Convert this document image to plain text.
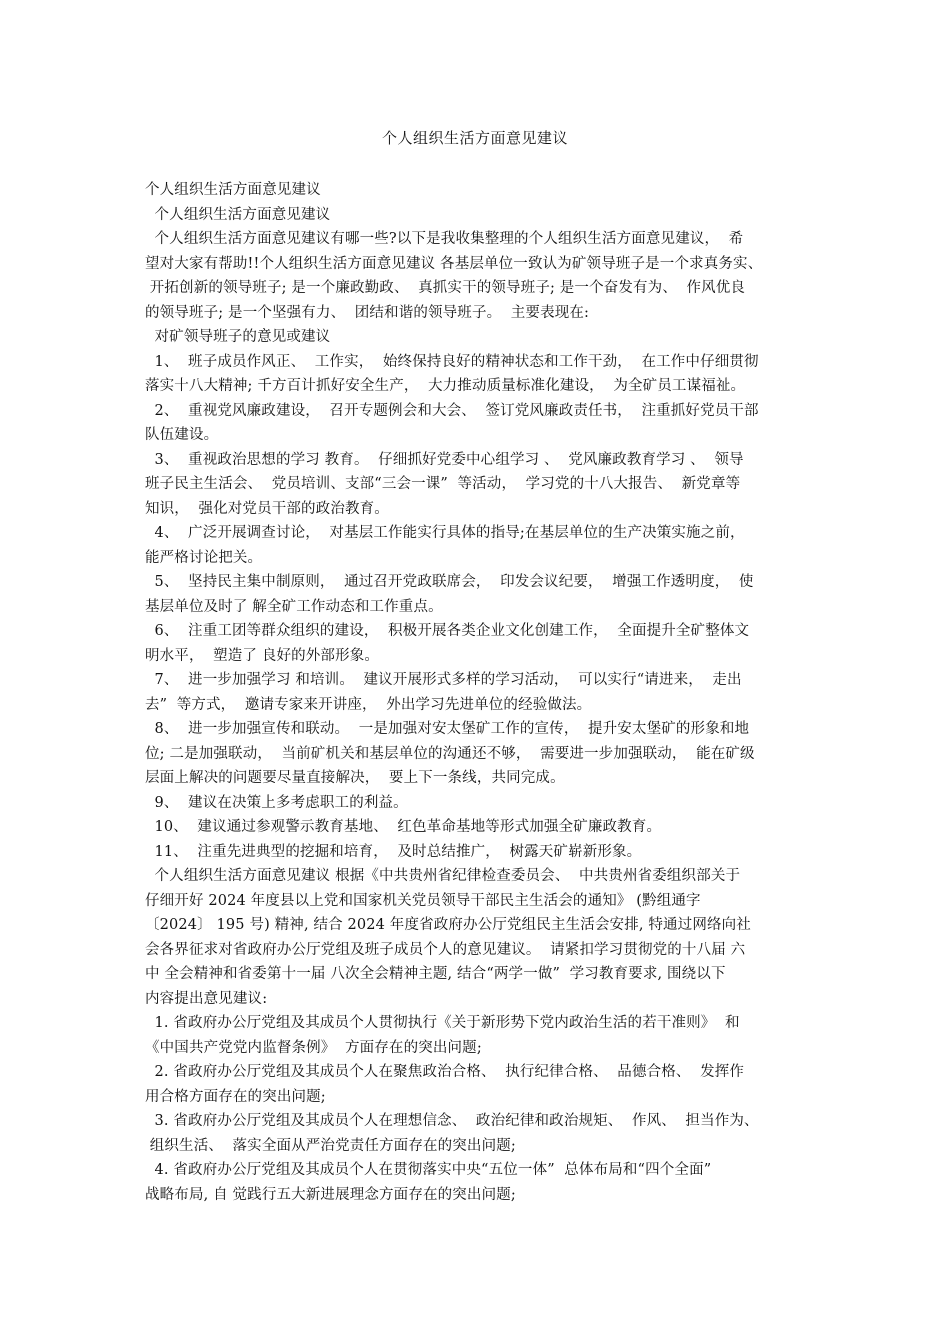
个人组织生活方面意见建议
个人组织生活方面意见建议
个人组织生活方面意见建议
个人组织生活方面意见建议有哪一些?以下是我收集整理的个人组织生活方面意见建议，  希
望对大家有帮助!!个人组织生活方面意见建议 各基层单位一致认为矿领导班子是一个求真务实、
开拓创新的领导班子; 是一个廉政勤政、  真抓实干的领导班子; 是一个奋发有为、  作风优良
的领导班子; 是一个坚强有力、  团结和谐的领导班子。  主要表现在:
对矿领导班子的意见或建议
1、  班子成员作风正、  工作实，  始终保持良好的精神状态和工作干劲，  在工作中仔细贯彻
落实十八大精神; 千方百计抓好安全生产，  大力推动质量标准化建设，  为全矿员工谋福祉。
2、  重视党风廉政建设，  召开专题例会和大会、  签订党风廉政责任书，  注重抓好党员干部
队伍建设。
3、  重视政治思想的学习 教育。  仔细抓好党委中心组学习 、  党风廉政教育学习 、  领导
班子民主生活会、  党员培训、支部“三会一课”  等活动，  学习党的十八大报告、  新党章等
知识，  强化对党员干部的政治教育。
4、  广泛开展调查讨论，  对基层工作能实行具体的指导;在基层单位的生产决策实施之前，
能严格讨论把关。
5、  坚持民主集中制原则，  通过召开党政联席会，  印发会议纪要，  增强工作透明度，  使
基层单位及时了 解全矿工作动态和工作重点。
6、  注重工团等群众组织的建设，  积极开展各类企业文化创建工作，  全面提升全矿整体文
明水平，  塑造了 良好的外部形象。
7、  进一步加强学习 和培训。  建议开展形式多样的学习活动，  可以实行“请进来，  走出
去”  等方式，  邀请专家来开讲座，  外出学习先进单位的经验做法。
8、  进一步加强宣传和联动。  一是加强对安太堡矿工作的宣传，  提升安太堡矿的形象和地
位; 二是加强联动，  当前矿机关和基层单位的沟通还不够，  需要进一步加强联动，  能在矿级
层面上解决的问题要尽量直接解决，  要上下一条线，共同完成。
9、  建议在决策上多考虑职工的利益。
10、  建议通过参观警示教育基地、  红色革命基地等形式加强全矿廉政教育。
11、  注重先进典型的挖掘和培育，  及时总结推广，  树露天矿崭新形象。
个人组织生活方面意见建议 根据《中共贵州省纪律检查委员会、  中共贵州省委组织部关于
仔细开好 2024 年度县以上党和国家机关党员领导干部民主生活会的通知》 (黔组通字
〔2024〕 195 号) 精神, 结合 2024 年度省政府办公厅党组民主生活会安排, 特通过网络向社
会各界征求对省政府办公厅党组及班子成员个人的意见建议。  请紧扣学习贯彻党的十八届 六
中 全会精神和省委第十一届 八次全会精神主题, 结合“两学一做”  学习教育要求, 围绕以下
内容提出意见建议:
1. 省政府办公厅党组及其成员个人贯彻执行《关于新形势下党内政治生活的若干准则》  和
《中国共产党党内监督条例》  方面存在的突出问题;
2. 省政府办公厅党组及其成员个人在聚焦政治合格、  执行纪律合格、  品德合格、  发挥作
用合格方面存在的突出问题;
3. 省政府办公厅党组及其成员个人在理想信念、  政治纪律和政治规矩、  作风、  担当作为、
组织生活、  落实全面从严治党责任方面存在的突出问题;
4. 省政府办公厅党组及其成员个人在贯彻落实中央“五位一体”  总体布局和“四个全面”
战略布局, 自 觉践行五大新进展理念方面存在的突出问题;
